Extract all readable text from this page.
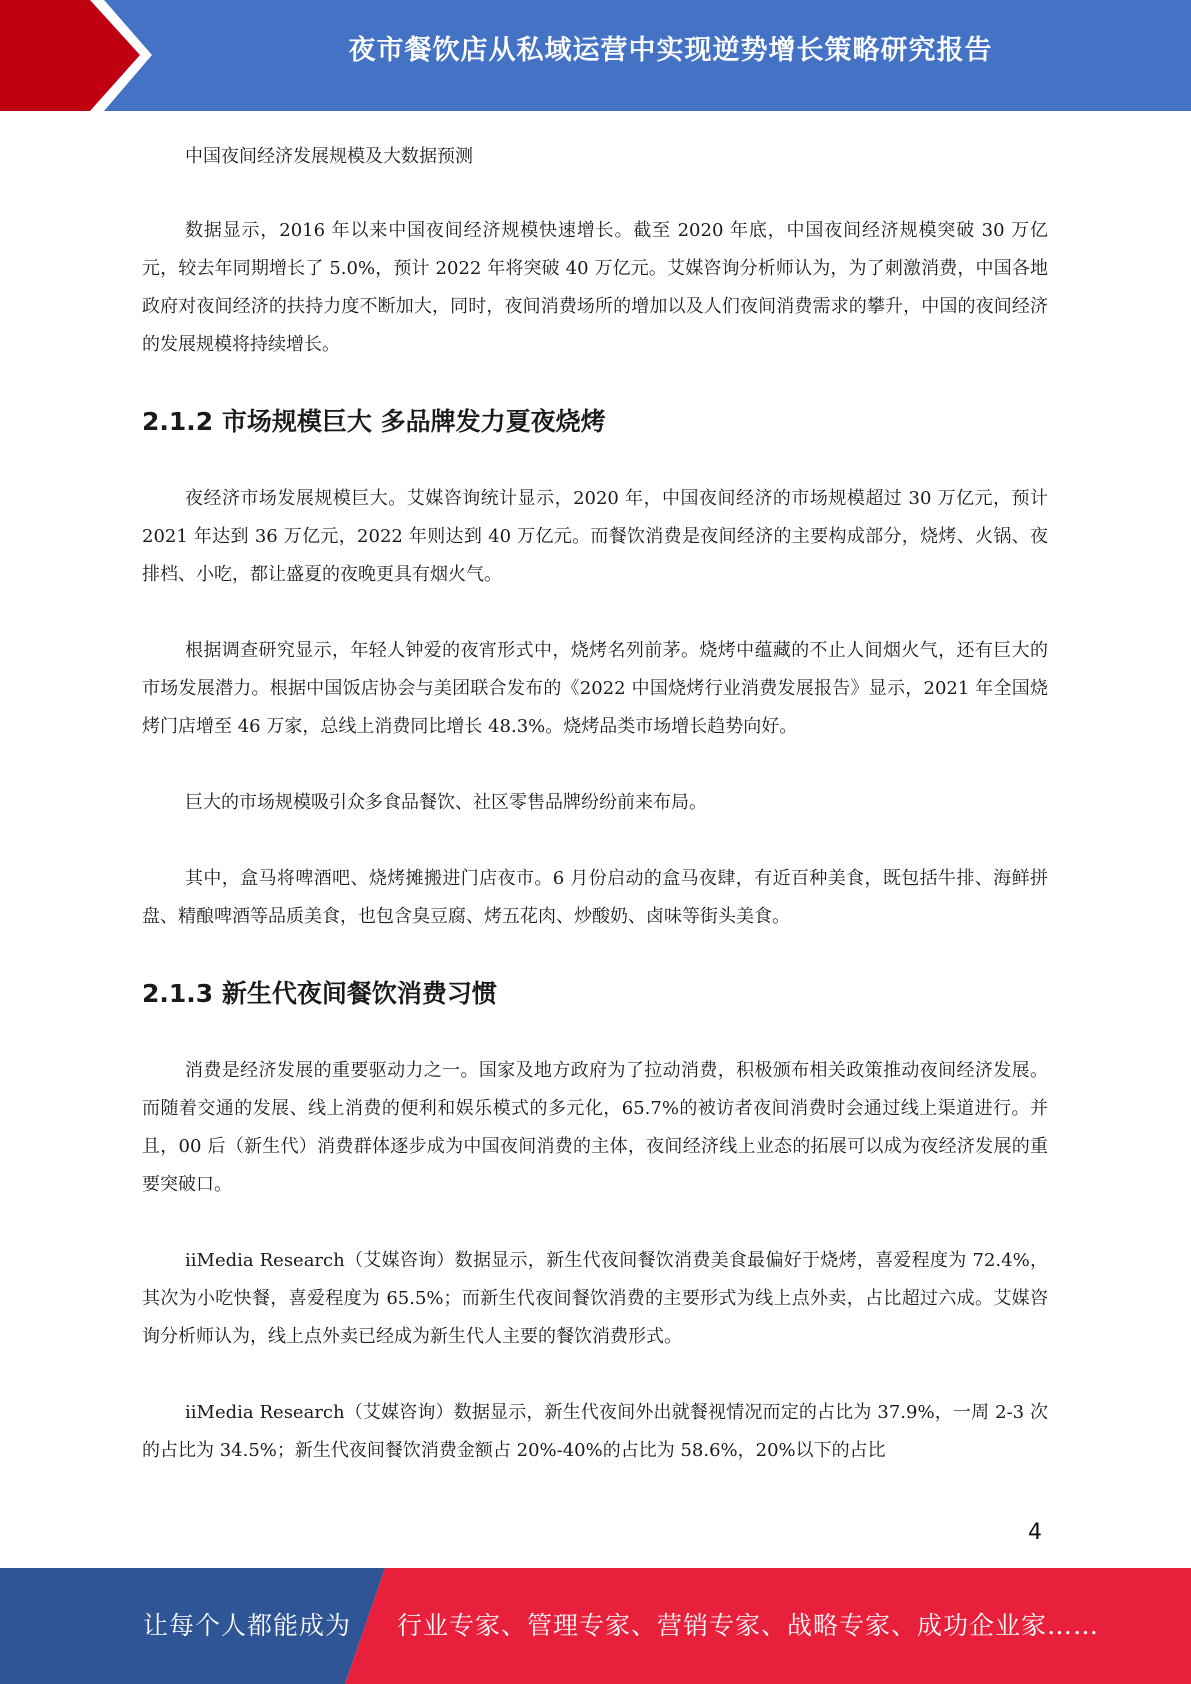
夜市餐饮店从私域运营中实现逆势增长策略研究报告
中国夜间经济发展规模及大数据预测

数据显示，2016 年以来中国夜间经济规模快速增长。截至 2020 年底，中国夜间经济规模突破 30 万亿元，较去年同期增长了 5.0%，预计 2022 年将突破 40 万亿元。艾媒咨询分析师认为，为了刺激消费，中国各地政府对夜间经济的扶持力度不断加大，同时，夜间消费场所的增加以及人们夜间消费需求的攀升，中国的夜间经济的发展规模将持续增长。

2.1.2 市场规模巨大 多品牌发力夏夜烧烤

夜经济市场发展规模巨大。艾媒咨询统计显示，2020 年，中国夜间经济的市场规模超过 30 万亿元，预计 2021 年达到 36 万亿元，2022 年则达到 40 万亿元。而餐饮消费是夜间经济的主要构成部分，烧烤、火锅、夜排档、小吃，都让盛夏的夜晚更具有烟火气。

根据调查研究显示，年轻人钟爱的夜宵形式中，烧烤名列前茅。烧烤中蕴藏的不止人间烟火气，还有巨大的市场发展潜力。根据中国饭店协会与美团联合发布的《2022 中国烧烤行业消费发展报告》显示，2021 年全国烧烤门店增至 46 万家，总线上消费同比增长 48.3%。烧烤品类市场增长趋势向好。

巨大的市场规模吸引众多食品餐饮、社区零售品牌纷纷前来布局。

其中，盒马将啤酒吧、烧烤摊搬进门店夜市。6 月份启动的盒马夜肆，有近百种美食，既包括牛排、海鲜拼盘、精酿啤酒等品质美食，也包含臭豆腐、烤五花肉、炒酸奶、卤味等街头美食。

2.1.3 新生代夜间餐饮消费习惯

消费是经济发展的重要驱动力之一。国家及地方政府为了拉动消费，积极颁布相关政策推动夜间经济发展。而随着交通的发展、线上消费的便利和娱乐模式的多元化，65.7%的被访者夜间消费时会通过线上渠道进行。并且，00 后（新生代）消费群体逐步成为中国夜间消费的主体，夜间经济线上业态的拓展可以成为夜经济发展的重要突破口。

iiMedia Research（艾媒咨询）数据显示，新生代夜间餐饮消费美食最偏好于烧烤，喜爱程度为 72.4%，其次为小吃快餐，喜爱程度为 65.5%；而新生代夜间餐饮消费的主要形式为线上点外卖，占比超过六成。艾媒咨询分析师认为，线上点外卖已经成为新生代人主要的餐饮消费形式。

iiMedia Research（艾媒咨询）数据显示，新生代夜间外出就餐视情况而定的占比为 37.9%，一周 2-3 次的占比为 34.5%；新生代夜间餐饮消费金额占 20%-40%的占比为 58.6%，20%以下的占比

4
让每个人都能成为 行业专家、管理专家、营销专家、战略专家、成功企业家……
